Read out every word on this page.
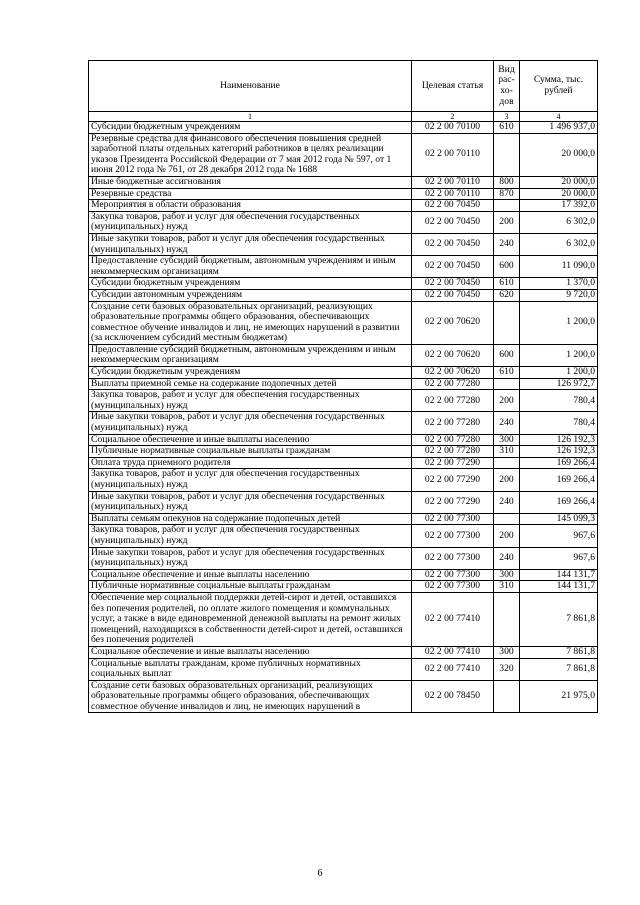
Наименование	Целевая статья	Вид рас-хо-дов	Сумма, тыс. рублей
1	2	3	4
Субсидии бюджетным учреждениям	02 2 00 70100	610	1 496 937,0
Резервные средства для финансового обеспечения повышения средней заработной платы отдельных категорий работников в целях реализации указов Президента Российской Федерации от 7 мая 2012 года № 597, от 1 июня 2012 года № 761, от 28 декабря 2012 года № 1688	02 2 00 70110		20 000,0
Иные бюджетные ассигнования	02 2 00 70110	800	20 000,0
Резервные средства	02 2 00 70110	870	20 000,0
Мероприятия в области образования	02 2 00 70450		17 392,0
Закупка товаров, работ и услуг для обеспечения государственных (муниципальных) нужд	02 2 00 70450	200	6 302,0
Иные закупки товаров, работ и услуг для обеспечения государственных (муниципальных) нужд	02 2 00 70450	240	6 302,0
Предоставление субсидий бюджетным, автономным учреждениям и иным некоммерческим организациям	02 2 00 70450	600	11 090,0
Субсидии бюджетным учреждениям	02 2 00 70450	610	1 370,0
Субсидии автономным учреждениям	02 2 00 70450	620	9 720,0
Создание сети базовых образовательных организаций, реализующих образовательные программы общего образования, обеспечивающих совместное обучение инвалидов и лиц, не имеющих нарушений в развитии (за исключением субсидий местным бюджетам)	02 2 00 70620		1 200,0
Предоставление субсидий бюджетным, автономным учреждениям и иным некоммерческим организациям	02 2 00 70620	600	1 200,0
Субсидии бюджетным учреждениям	02 2 00 70620	610	1 200,0
Выплаты приемной семье на содержание подопечных детей	02 2 00 77280		126 972,7
Закупка товаров, работ и услуг для обеспечения государственных (муниципальных) нужд	02 2 00 77280	200	780,4
Иные закупки товаров, работ и услуг для обеспечения государственных (муниципальных) нужд	02 2 00 77280	240	780,4
Социальное обеспечение и иные выплаты населению	02 2 00 77280	300	126 192,3
Публичные нормативные социальные выплаты гражданам	02 2 00 77280	310	126 192,3
Оплата труда приемного родителя	02 2 00 77290		169 266,4
Закупка товаров, работ и услуг для обеспечения государственных (муниципальных) нужд	02 2 00 77290	200	169 266,4
Иные закупки товаров, работ и услуг для обеспечения государственных (муниципальных) нужд	02 2 00 77290	240	169 266,4
Выплаты семьям опекунов на содержание подопечных детей	02 2 00 77300		145 099,3
Закупка товаров, работ и услуг для обеспечения государственных (муниципальных) нужд	02 2 00 77300	200	967,6
Иные закупки товаров, работ и услуг для обеспечения государственных (муниципальных) нужд	02 2 00 77300	240	967,6
Социальное обеспечение и иные выплаты населению	02 2 00 77300	300	144 131,7
Публичные нормативные социальные выплаты гражданам	02 2 00 77300	310	144 131,7
Обеспечение мер социальной поддержки детей-сирот и детей, оставшихся без попечения родителей, по оплате жилого помещения и коммунальных услуг, а также в виде единовременной денежной выплаты на ремонт жилых помещений, находящихся в собственности детей-сирот и детей, оставшихся без попечения родителей	02 2 00 77410		7 861,8
Социальное обеспечение и иные выплаты населению	02 2 00 77410	300	7 861,8
Социальные выплаты гражданам, кроме публичных нормативных социальных выплат	02 2 00 77410	320	7 861,8
Создание сети базовых образовательных организаций, реализующих образовательные программы общего образования, обеспечивающих совместное обучение инвалидов и лиц, не имеющих нарушений в	02 2 00 78450		21 975,0
6
